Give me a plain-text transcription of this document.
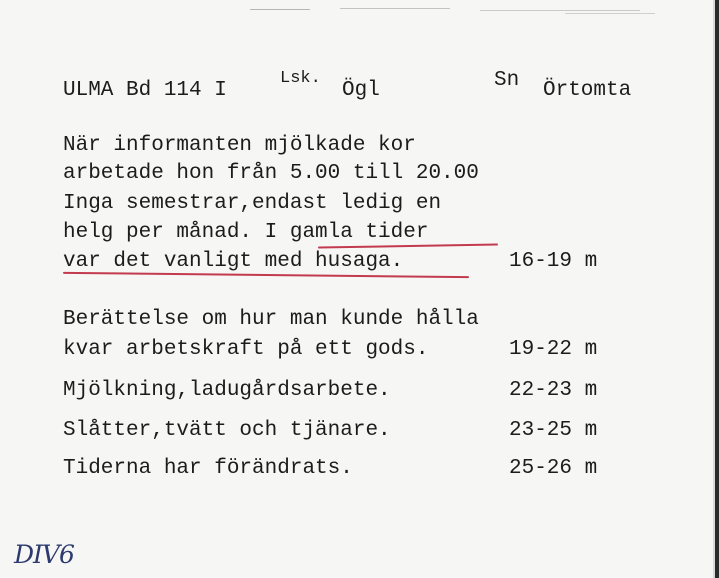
ULMA Bd 114 I
Lsk.
Ögl	Sn Örtomta
När informanten mjölkade kor
arbetade hon från 5.00 till 20.00
Inga semestrar,endast ledig en
helg per månad. I gamla tider
var det vanligt med husaga.	16-19 m
Berättelse om hur man kunde hålla
kvar arbetskraft på ett gods.	19-22 m
Mjölkning,ladugårdsarbete.	22-23 m
Slåtter,tvätt och tjänare.	23-25 m
Tiderna har förändrats.	25-26 m
DIV6
